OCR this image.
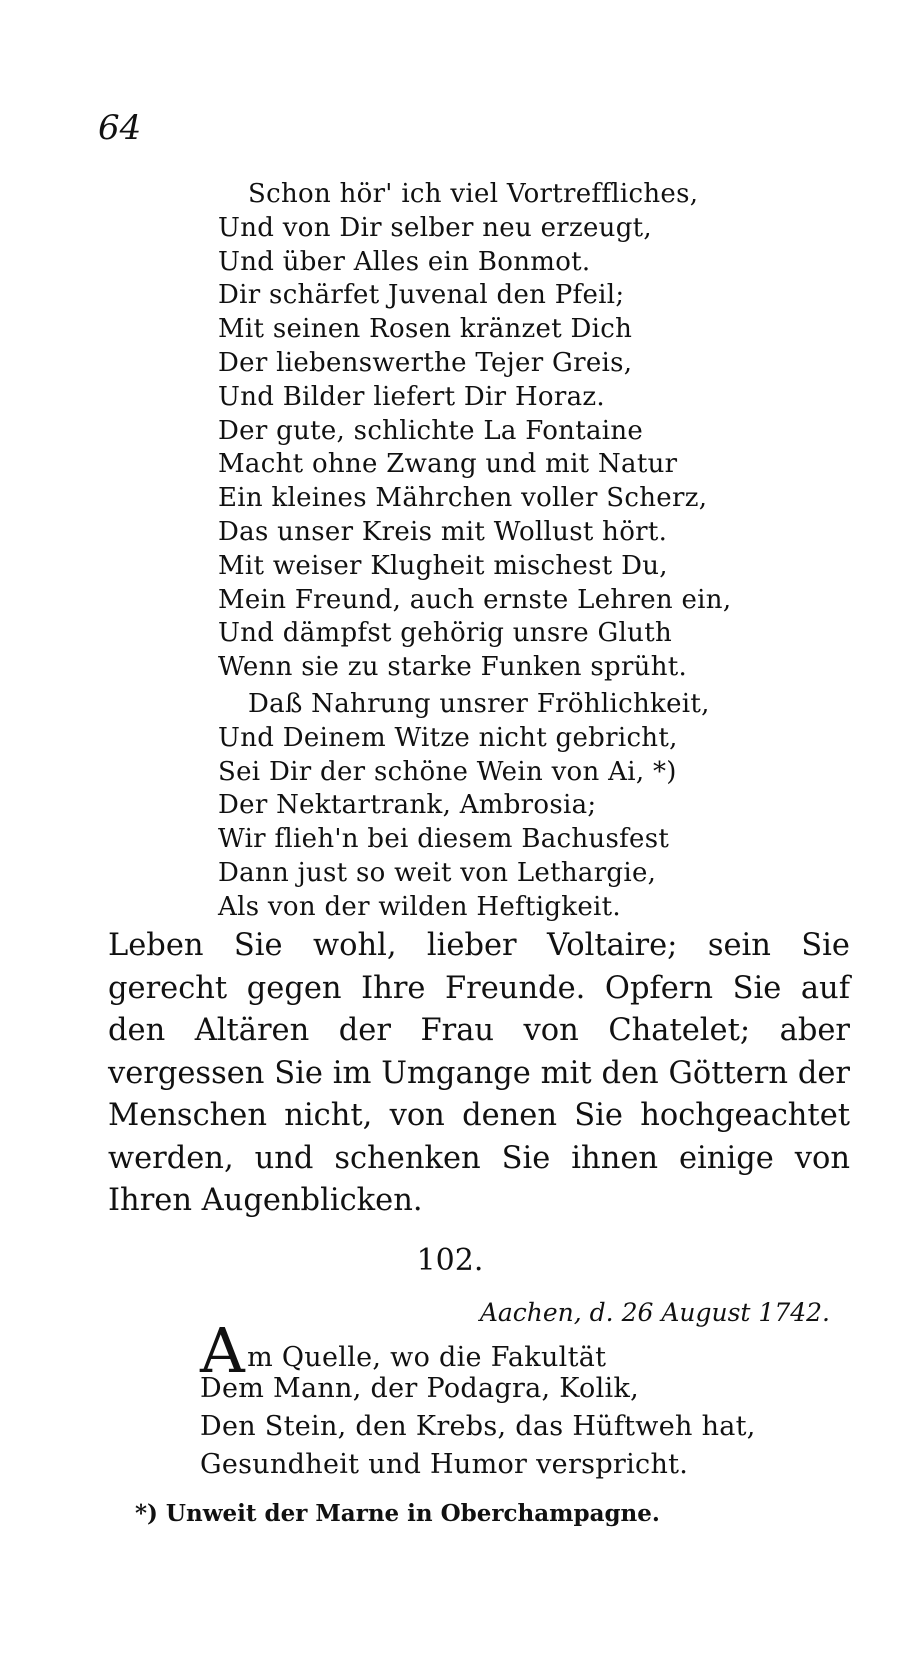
64
Schon hör' ich viel Vortreffliches,
Und von Dir selber neu erzeugt,
Und über Alles ein Bonmot.
Dir schärfet Juvenal den Pfeil;
Mit seinen Rosen kränzet Dich
Der liebenswerthe Tejer Greis,
Und Bilder liefert Dir Horaz.
Der gute, schlichte La Fontaine
Macht ohne Zwang und mit Natur
Ein kleines Mährchen voller Scherz,
Das unser Kreis mit Wollust hört.
Mit weiser Klugheit mischest Du,
Mein Freund, auch ernste Lehren ein,
Und dämpfst gehörig unsre Gluth
Wenn sie zu starke Funken sprüht.
Daß Nahrung unsrer Fröhlichkeit,
Und Deinem Witze nicht gebricht,
Sei Dir der schöne Wein von Ai, *)
Der Nektartrank, Ambrosia;
Wir flieh'n bei diesem Bachusfest
Dann just so weit von Lethargie,
Als von der wilden Heftigkeit.

Leben Sie wohl, lieber Voltaire; sein Sie gerecht gegen Ihre Freunde. Opfern Sie auf den Altären der Frau von Chatelet; aber vergessen Sie im Umgange mit den Göttern der Menschen nicht, von denen Sie hochgeachtet werden, und schenken Sie ihnen einige von Ihren Augenblicken.

102.
Aachen, d. 26 August 1742.
Am Quelle, wo die Fakultät
Dem Mann, der Podagra, Kolik,
Den Stein, den Krebs, das Hüftweh hat,
Gesundheit und Humor verspricht.
*) Unweit der Marne in Oberchampagne.
